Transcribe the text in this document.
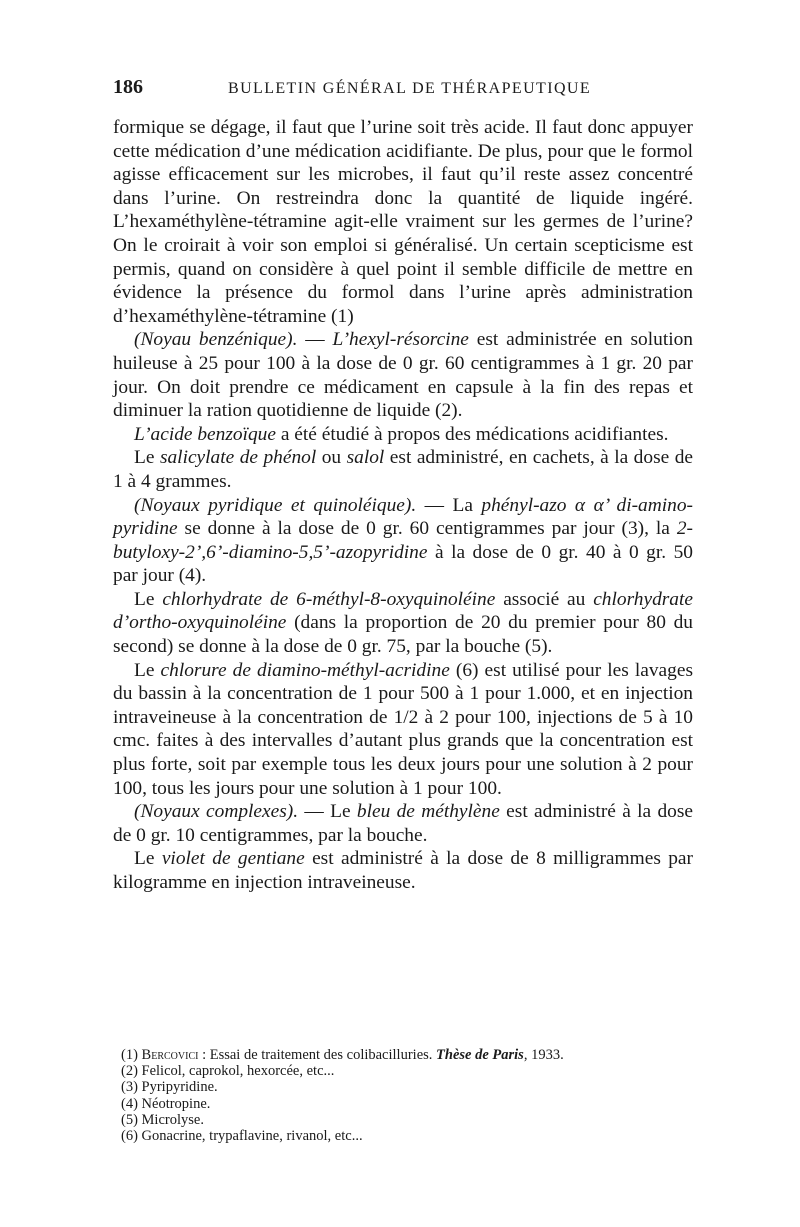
186	BULLETIN GÉNÉRAL DE THÉRAPEUTIQUE

formique se dégage, il faut que l’urine soit très acide. Il faut donc appuyer cette médication d’une médication acidifiante. De plus, pour que le formol agisse efficacement sur les microbes, il faut qu’il reste assez concentré dans l’urine. On restreindra donc la quantité de liquide ingéré. L’hexaméthylène-tétramine agit-elle vraiment sur les germes de l’urine? On le croirait à voir son emploi si généralisé. Un certain scepticisme est permis, quand on considère à quel point il semble difficile de mettre en évidence la présence du formol dans l’urine après administration d’hexaméthylène-tétramine (1)

(Noyau benzénique). — L’hexyl-résorcine est administrée en solution huileuse à 25 pour 100 à la dose de 0 gr. 60 centigrammes à 1 gr. 20 par jour. On doit prendre ce médicament en capsule à la fin des repas et diminuer la ration quotidienne de liquide (2).

L’acide benzoïque a été étudié à propos des médications acidifiantes.

Le salicylate de phénol ou salol est administré, en cachets, à la dose de 1 à 4 grammes.

(Noyaux pyridique et quinoléique). — La phényl-azo α α’ di-amino-pyridine se donne à la dose de 0 gr. 60 centigrammes par jour (3), la 2-butyloxy-2’,6’-diamino-5,5’-azopyridine à la dose de 0 gr. 40 à 0 gr. 50 par jour (4).

Le chlorhydrate de 6-méthyl-8-oxyquinoléine associé au chlorhydrate d’ortho-oxyquinoléine (dans la proportion de 20 du premier pour 80 du second) se donne à la dose de 0 gr. 75, par la bouche (5).

Le chlorure de diamino-méthyl-acridine (6) est utilisé pour les lavages du bassin à la concentration de 1 pour 500 à 1 pour 1.000, et en injection intraveineuse à la concentration de 1/2 à 2 pour 100, injections de 5 à 10 cmc. faites à des intervalles d’autant plus grands que la concentration est plus forte, soit par exemple tous les deux jours pour une solution à 2 pour 100, tous les jours pour une solution à 1 pour 100.

(Noyaux complexes). — Le bleu de méthylène est administré à la dose de 0 gr. 10 centigrammes, par la bouche.

Le violet de gentiane est administré à la dose de 8 milligrammes par kilogramme en injection intraveineuse.

(1) Bercovici : Essai de traitement des colibacilluries. Thèse de Paris, 1933.
(2) Felicol, caprokol, hexorcée, etc...
(3) Pyripyridine.
(4) Néotropine.
(5) Microlyse.
(6) Gonacrine, trypaflavine, rivanol, etc...
